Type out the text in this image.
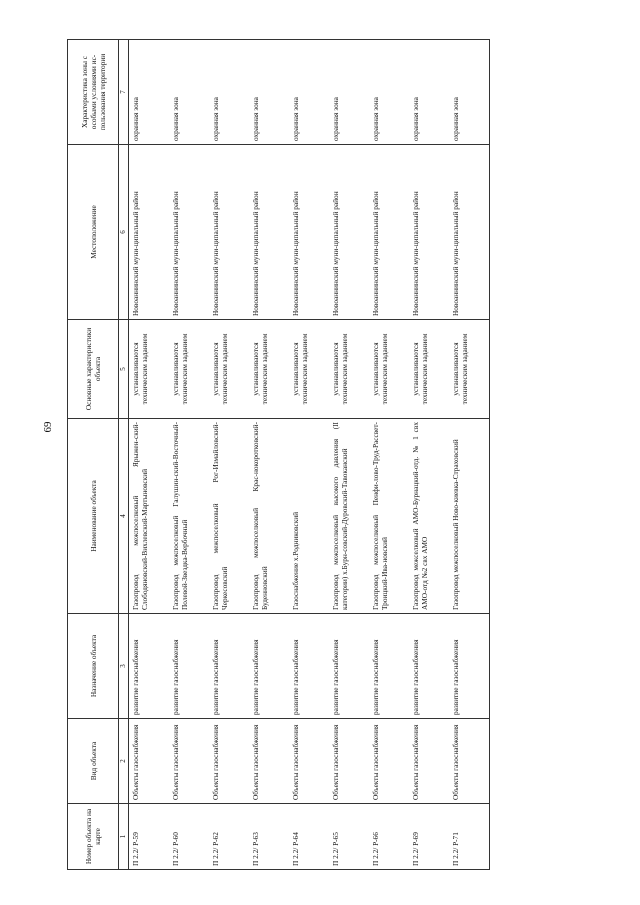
69
Номер объекта на карте	Вид объекта	Назначение объекта	Наименование объекта	Основные характеристики объекта	Местоположение	Характеристика зоны с особыми условиями ис-пользования территории
1	2	3	4	5	6	7
П 2.2/ Р-59	Объекты газоснабжения	развитие газоснабжения	Газопровод межпоселковый Ярыжен-ский-Слободяновский-Вихлевский-Мартыновский	устанавливаются техническим заданием	Новоаннинский муни-ципальный район	охранная зона
П 2.2/ Р-60	Объекты газоснабжения	развитие газоснабжения	Газопровод межпоселковый Галушин-ский-Восточный-Полевой-Звездка-Вербочный	устанавливаются техническим заданием	Новоаннинский муни-ципальный район	охранная зона
П 2.2/ Р-62	Объекты газоснабжения	развитие газоснабжения	Газопровод межпоселковый Рог-Измайловский-Черкесовский	устанавливаются техническим заданием	Новоаннинский муни-ципальный район	охранная зона
П 2.2/ Р-63	Объекты газоснабжения	развитие газоснабжения	Газопровод межпоселковый Крас-нокоротковский-Буденновский	устанавливаются техническим заданием	Новоаннинский муни-ципальный район	охранная зона
П 2.2/ Р-64	Объекты газоснабжения	развитие газоснабжения	Газоснабжение х.Родниковский	устанавливаются техническим заданием	Новоаннинский муни-ципальный район	охранная зона
П 2.2/ Р-65	Объекты газоснабжения	развитие газоснабжения	Газопровод межпоселковый высокого давления (II категории) х.Бурн-совский-Дуровский-Тавоканский	устанавливаются техническим заданием	Новоаннинский муни-ципальный район	охранная зона
П 2.2/ Р-66	Объекты газоснабжения	развитие газоснабжения	Газопровод межпоселковый Пенфи-лово-Труд-Рассвет-Троицкий-Ива-новский	устанавливаются техническим заданием	Новоаннинский муни-ципальный район	охранная зона
П 2.2/ Р-69	Объекты газоснабжения	развитие газоснабжения	Газопровод межселковый АМО-Бурнацкий-отд. № 1 свх АМО-отд №2 свх АМО	устанавливаются техническим заданием	Новоаннинский муни-ципальный район	охранная зона
П 2.2/ Р-71	Объекты газоснабжения	развитие газоснабжения	Газопровод межпоселковый Ново-киевка-Страховский	устанавливаются техническим заданием	Новоаннинский муни-ципальный район	охранная зона
